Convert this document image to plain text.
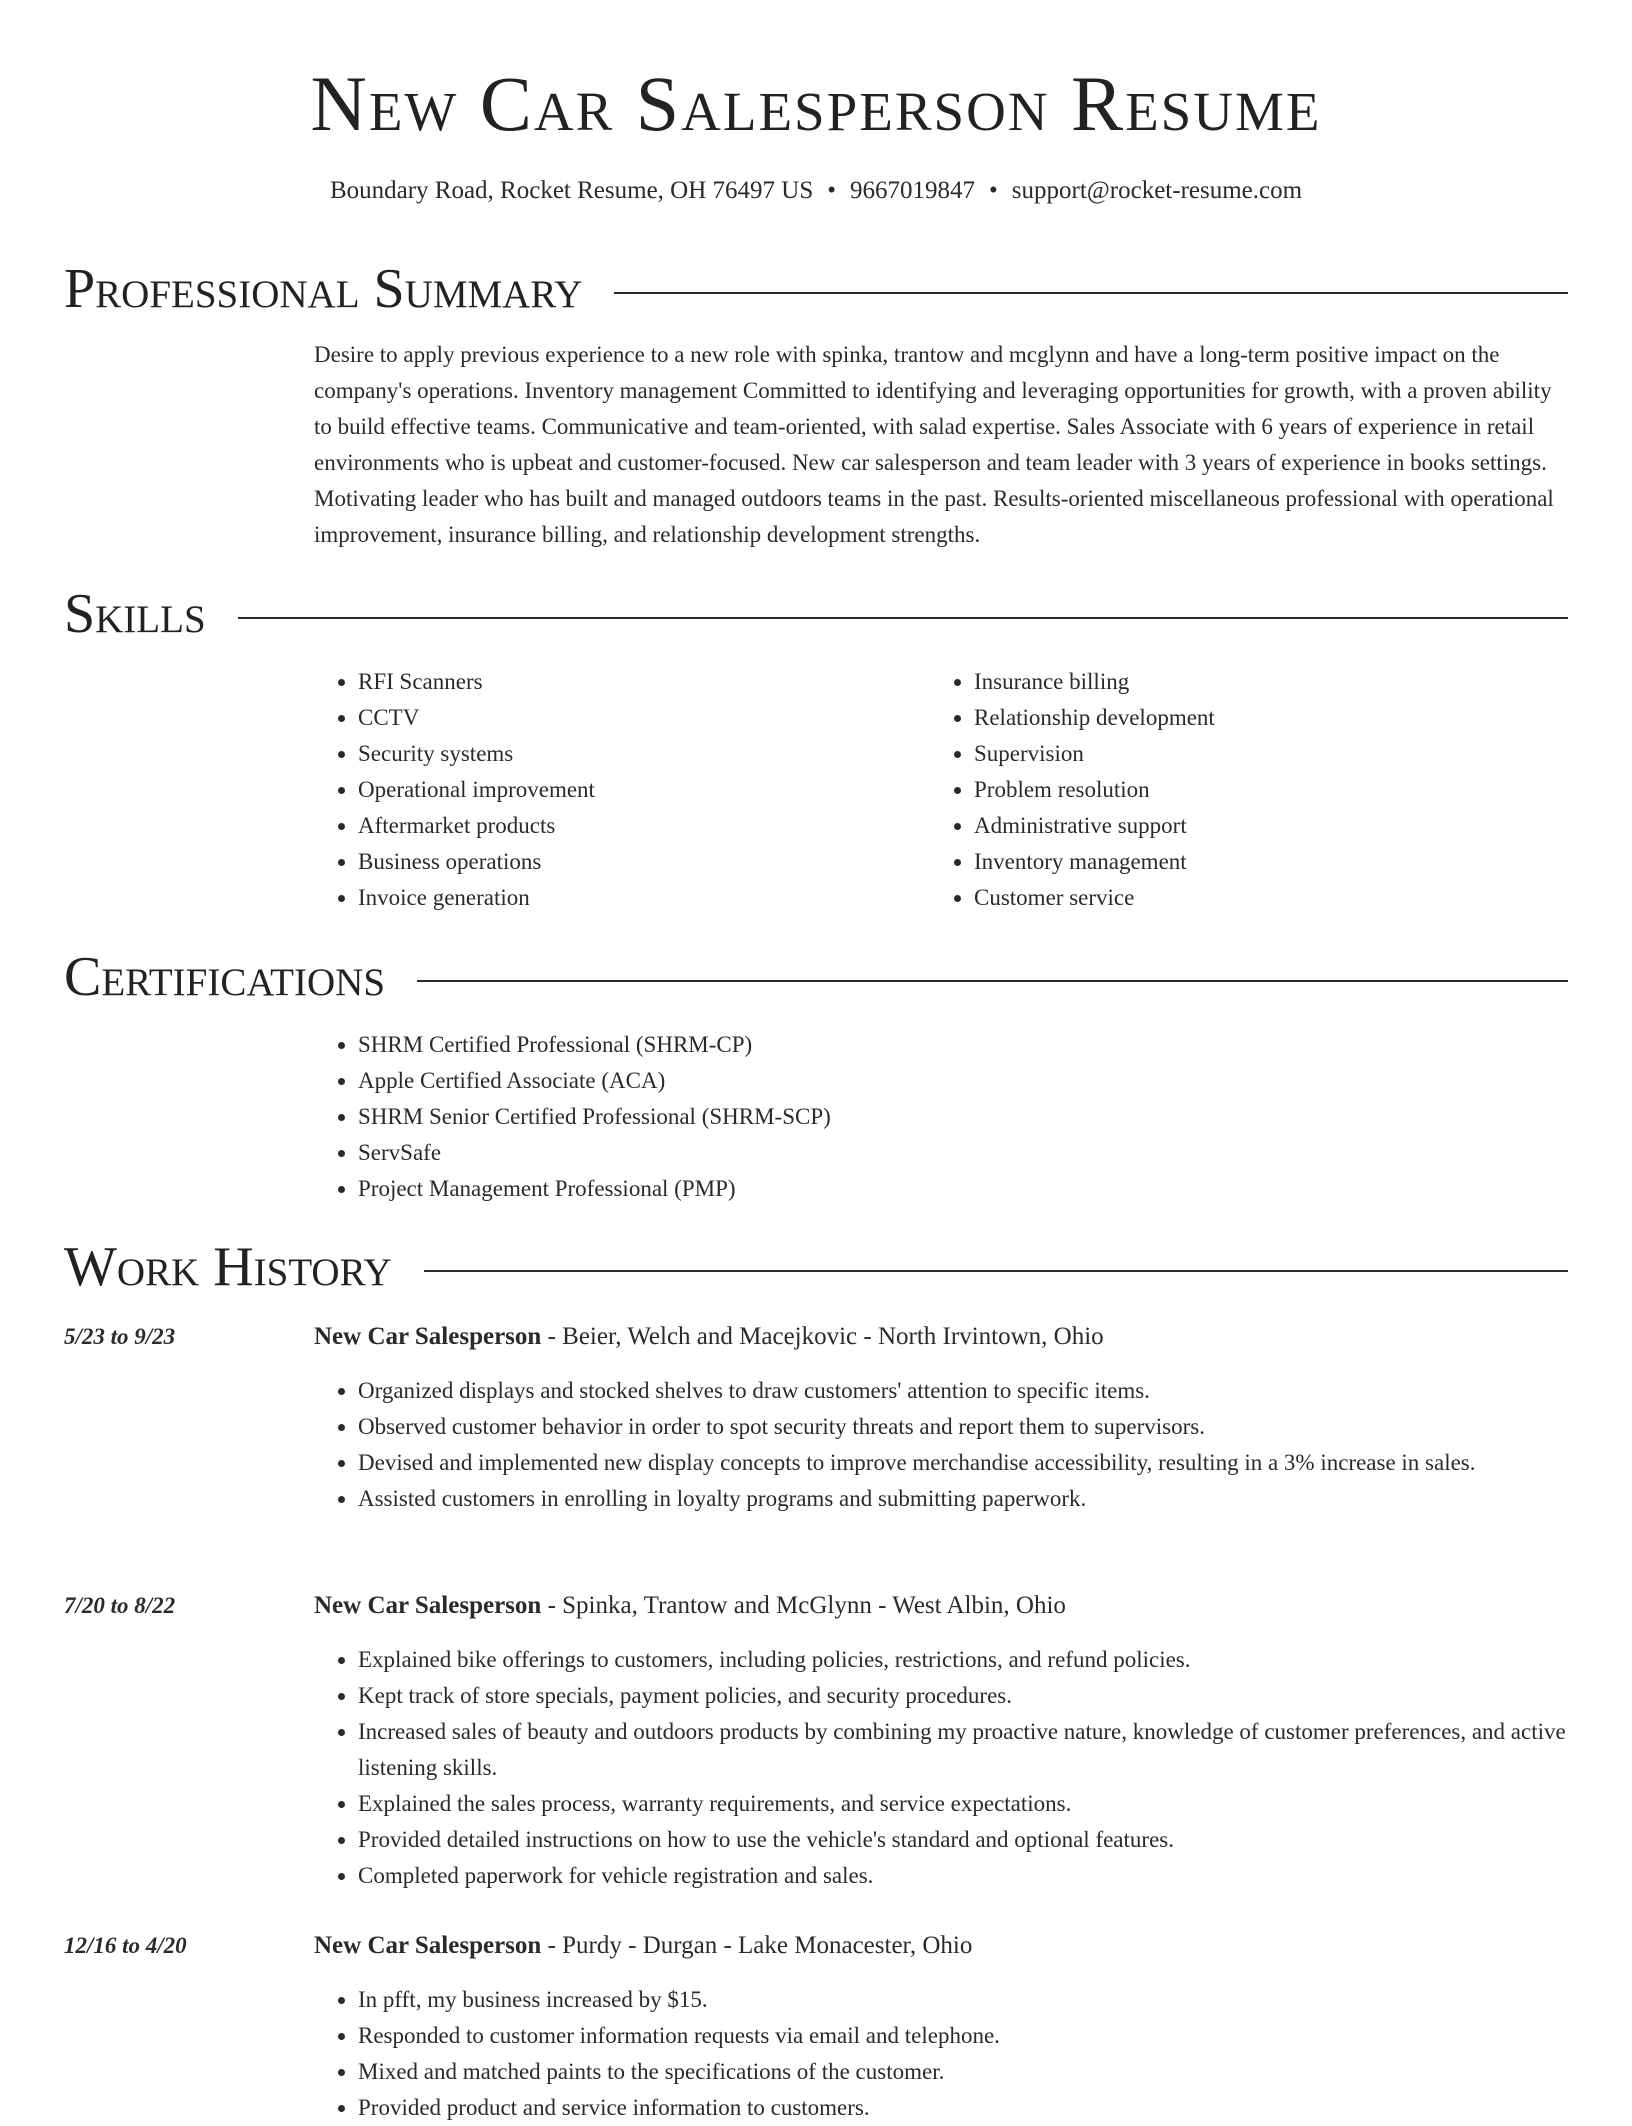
New Car Salesperson Resume
Boundary Road, Rocket Resume, OH 76497 US • 9667019847 • support@rocket-resume.com
Professional Summary

Desire to apply previous experience to a new role with spinka, trantow and mcglynn and have a long-term positive impact on the company's operations. Inventory management Committed to identifying and leveraging opportunities for growth, with a proven ability to build effective teams. Communicative and team-oriented, with salad expertise. Sales Associate with 6 years of experience in retail environments who is upbeat and customer-focused. New car salesperson and team leader with 3 years of experience in books settings. Motivating leader who has built and managed outdoors teams in the past. Results-oriented miscellaneous professional with operational improvement, insurance billing, and relationship development strengths.

Skills
• RFI Scanners
• CCTV
• Security systems
• Operational improvement
• Aftermarket products
• Business operations
• Invoice generation
• Insurance billing
• Relationship development
• Supervision
• Problem resolution
• Administrative support
• Inventory management
• Customer service
Certifications
• SHRM Certified Professional (SHRM-CP)
• Apple Certified Associate (ACA)
• SHRM Senior Certified Professional (SHRM-SCP)
• ServSafe
• Project Management Professional (PMP)
Work History
5/23 to 9/23	New Car Salesperson - Beier, Welch and Macejkovic - North Irvintown, Ohio
• Organized displays and stocked shelves to draw customers' attention to specific items.
• Observed customer behavior in order to spot security threats and report them to supervisors.
• Devised and implemented new display concepts to improve merchandise accessibility, resulting in a 3% increase in sales.
• Assisted customers in enrolling in loyalty programs and submitting paperwork.
7/20 to 8/22	New Car Salesperson - Spinka, Trantow and McGlynn - West Albin, Ohio
• Explained bike offerings to customers, including policies, restrictions, and refund policies.
• Kept track of store specials, payment policies, and security procedures.
• Increased sales of beauty and outdoors products by combining my proactive nature, knowledge of customer preferences, and active listening skills.
• Explained the sales process, warranty requirements, and service expectations.
• Provided detailed instructions on how to use the vehicle's standard and optional features.
• Completed paperwork for vehicle registration and sales.
12/16 to 4/20	New Car Salesperson - Purdy - Durgan - Lake Monacester, Ohio
• In pfft, my business increased by $15.
• Responded to customer information requests via email and telephone.
• Mixed and matched paints to the specifications of the customer.
• Provided product and service information to customers.
